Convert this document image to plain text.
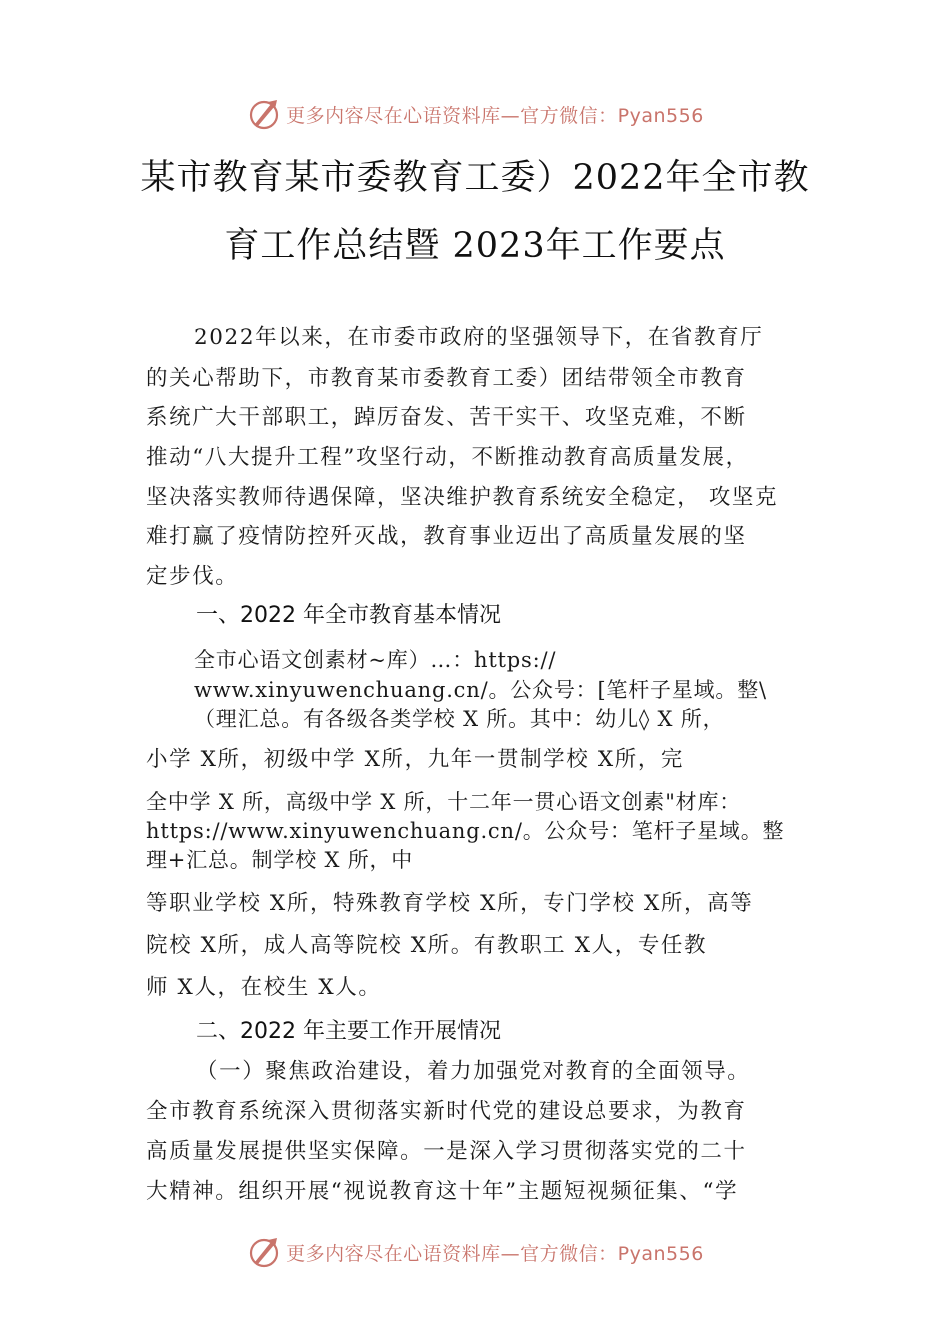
更多内容尽在心语资料库—官方微信：Pyan556
某市教育某市委教育工委）2022年全市教
育工作总结暨 2023年工作要点
2022年以来，在市委市政府的坚强领导下，在省教育厅
的关心帮助下，市教育某市委教育工委）团结带领全市教育
系统广大干部职工，踔厉奋发、苦干实干、攻坚克难，不断
推动“八大提升工程”攻坚行动，不断推动教育高质量发展，
坚决落实教师待遇保障，坚决维护教育系统安全稳定， 攻坚克
难打赢了疫情防控歼灭战，教育事业迈出了高质量发展的坚
定步伐。
一、2022 年全市教育基本情况
全市心语文创素材~库）…：https://
www.xinyuwenchuang.cn/。公众号：[笔杆子星域。整\
（理汇总。有各级各类学校 X 所。其中：幼儿◊ X 所，
小学 X所，初级中学 X所，九年一贯制学校 X所，完
全中学 X 所，高级中学 X 所，十二年一贯心语文创素"材库：
https://www.xinyuwenchuang.cn/。公众号：笔杆子星域。整
理+汇总。制学校 X 所，中
等职业学校 X所，特殊教育学校 X所，专门学校 X所，高等
院校 X所，成人高等院校 X所。有教职工 X人，专任教
师 X人，在校生 X人。
二、2022 年主要工作开展情况
（一）聚焦政治建设，着力加强党对教育的全面领导。
全市教育系统深入贯彻落实新时代党的建设总要求，为教育
高质量发展提供坚实保障。一是深入学习贯彻落实党的二十
大精神。组织开展“视说教育这十年”主题短视频征集、“学
更多内容尽在心语资料库—官方微信：Pyan556
